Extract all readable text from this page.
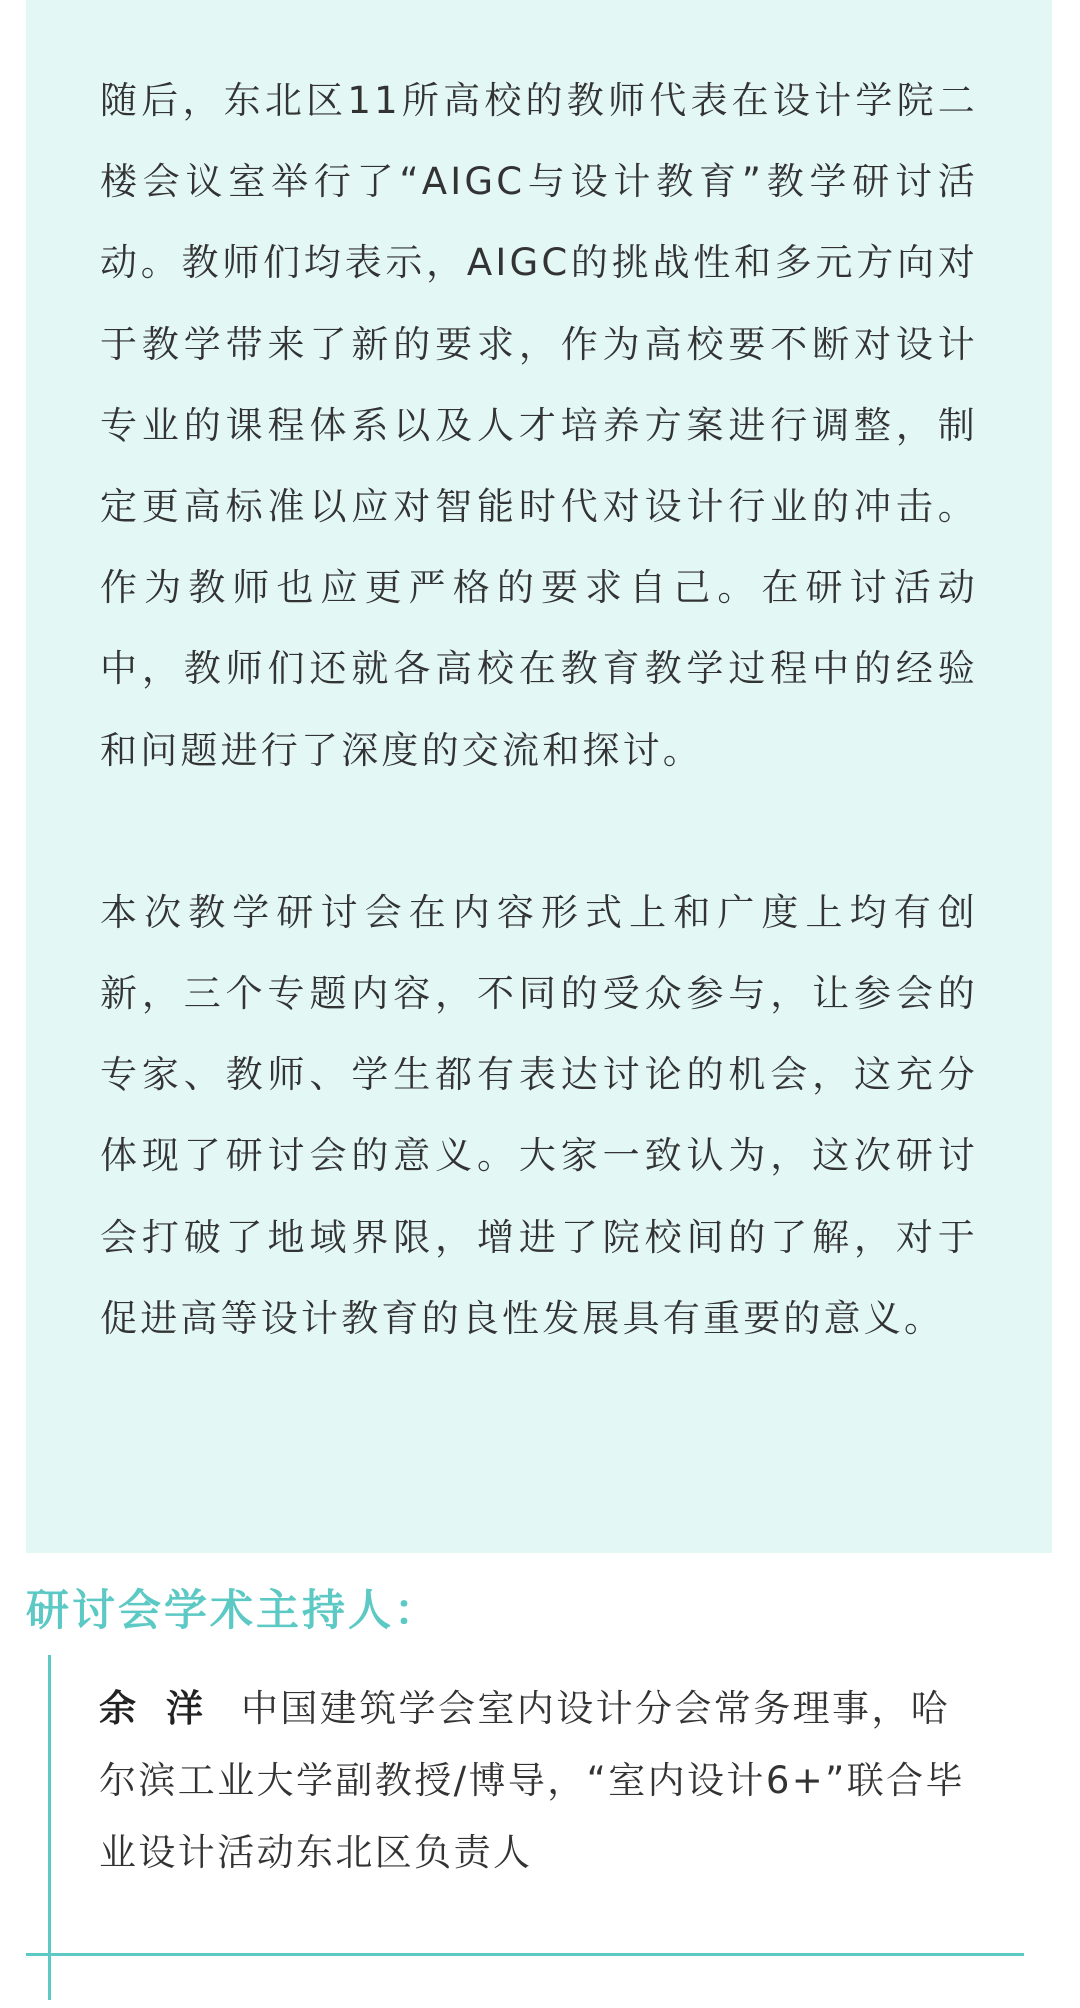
随后，东北区11所高校的教师代表在设计学院二楼会议室举行了“AIGC与设计教育”教学研讨活动。教师们均表示，AIGC的挑战性和多元方向对于教学带来了新的要求，作为高校要不断对设计专业的课程体系以及人才培养方案进行调整，制定更高标准以应对智能时代对设计行业的冲击。作为教师也应更严格的要求自己。在研讨活动中，教师们还就各高校在教育教学过程中的经验和问题进行了深度的交流和探讨。

本次教学研讨会在内容形式上和广度上均有创新，三个专题内容，不同的受众参与，让参会的专家、教师、学生都有表达讨论的机会，这充分体现了研讨会的意义。大家一致认为，这次研讨会打破了地域界限，增进了院校间的了解，对于促进高等设计教育的良性发展具有重要的意义。

研讨会学术主持人：

余洋 中国建筑学会室内设计分会常务理事，哈尔滨工业大学副教授/博导，“室内设计6+”联合毕业设计活动东北区负责人
